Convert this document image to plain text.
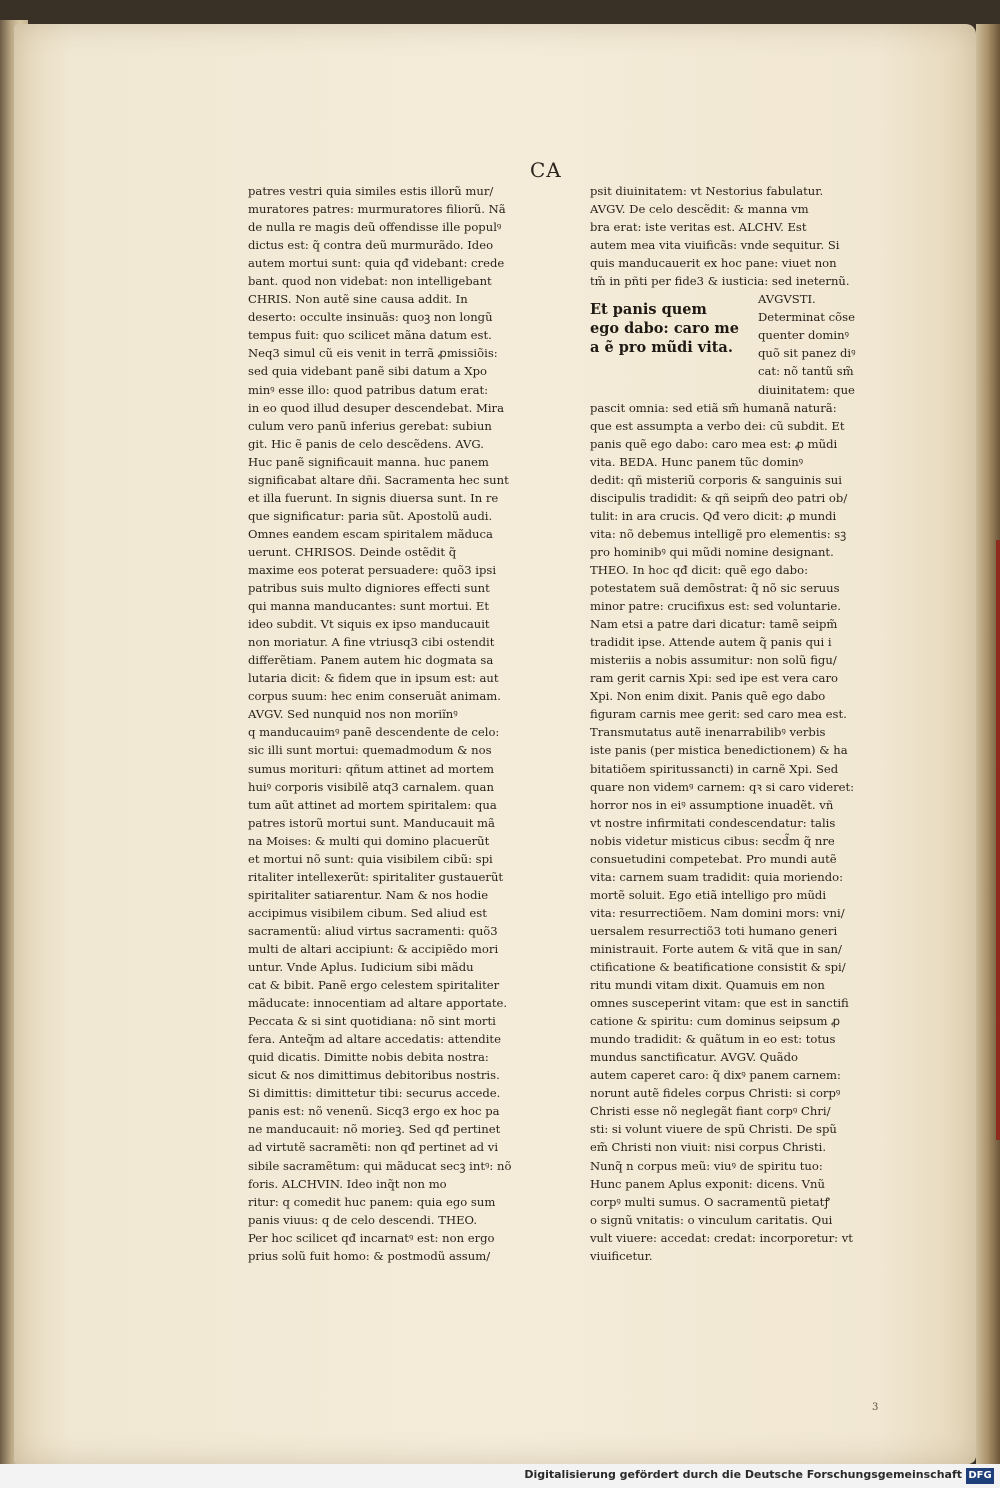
CA
patres vestri quia similes estis illorũ mur/
muratores patres: murmuratores filiorũ. Nã
de nulla re magis deũ offendisse ille populꝰ
dictus est: q̃ contra deũ murmurãdo. Ideo
autem mortui sunt: quia qđ videbant: crede
bant. quod non videbat: non intelligebant
CHRIS. Non autẽ sine causa addit. In
deserto: occulte insinuãs: quoꝫ non longũ
tempus fuit: quo scilicet mãna datum est.
Neq3 simul cũ eis venit in terrã ꝓmissiõis:
sed quia videbant panẽ sibi datum a Xpo
minꝰ esse illo: quod patribus datum erat:
in eo quod illud desuper descendebat. Mira
culum vero panũ inferius gerebat: subiun
git. Hic ẽ panis de celo descẽdens. AVG.
Huc panẽ significauit manna. huc panem
significabat altare dñi. Sacramenta hec sunt
et illa fuerunt. In signis diuersa sunt. In re
que significatur: paria sũt. Apostolũ audi.
Omnes eandem escam spiritalem mãduca
uerunt. CHRISOS. Deinde ostẽdit q̃
maxime eos poterat persuadere: quõ3 ipsi
patribus suis multo digniores effecti sunt
qui manna manducantes: sunt mortui. Et
ideo subdit. Vt siquis ex ipso manducauit
non moriatur. A fine vtriusq3 cibi ostendit
differẽtiam. Panem autem hic dogmata sa
lutaria dicit: & fidem que in ipsum est: aut
corpus suum: hec enim conseruãt animam.
AVGV. Sed nunquid nos non moriĩnꝰ
q manducauimꝰ panẽ descendente de celo:
sic illi sunt mortui: quemadmodum & nos
sumus morituri: qñtum attinet ad mortem
huiꝰ corporis visibilẽ atq3 carnalem. quan
tum aũt attinet ad mortem spiritalem: qua
patres istorũ mortui sunt. Manducauit mã
na Moises: & multi qui domino placuerũt
et mortui nõ sunt: quia visibilem cibũ: spi
ritaliter intellexerũt: spiritaliter gustauerũt
spiritaliter satiarentur. Nam & nos hodie
accipimus visibilem cibum. Sed aliud est
sacramentũ: aliud virtus sacramenti: quõ3
multi de altari accipiunt: & accipiẽdo mori
untur. Vnde Aplus. Iudicium sibi mãdu
cat & bibit. Panẽ ergo celestem spiritaliter
mãducate: innocentiam ad altare apportate.
Peccata & si sint quotidiana: nõ sint morti
fera. Anteq̃m ad altare accedatis: attendite
quid dicatis. Dimitte nobis debita nostra:
sicut & nos dimittimus debitoribus nostris.
Si dimittis: dimittetur tibi: securus accede.
panis est: nõ venenũ. Sicq3 ergo ex hoc pa
ne manducauit: nõ morieꝫ. Sed qđ pertinet
ad virtutẽ sacramẽti: non qđ pertinet ad vi
sibile sacramẽtum: qui mãducat secꝫ intꝰ: nõ
foris. ALCHVIN. Ideo inq̃t non mo
ritur: q comedit huc panem: quia ego sum
panis viuus: q de celo descendi. THEO.
Per hoc scilicet qđ incarnatꝰ est: non ergo
prius solũ fuit homo: & postmodũ assum/
psit diuinitatem: vt Nestorius fabulatur.
AVGV. De celo descẽdit: & manna vm
bra erat: iste veritas est. ALCHV. Est
autem mea vita viuificãs: vnde sequitur. Si
quis manducauerit ex hoc pane: viuet non
tm̃ in pñti per fide3 & iusticia: sed ineternũ.
AVGVSTI.
Determinat cõse
quenter dominꝰ
quõ sit panez diꝰ
cat: nõ tantũ sm̃
diuinitatem: que
pascit omnia: sed etiã sm̃ humanã naturã:
que est assumpta a verbo dei: cũ subdit. Et
panis quẽ ego dabo: caro mea est: ꝓ mũdi
vita. BEDA. Hunc panem tũc dominꝰ
dedit: qñ misteriũ corporis & sanguinis sui
discipulis tradidit: & qñ seipm̃ deo patri ob/
tulit: in ara crucis. Qđ vero dicit: ꝓ mundi
vita: nõ debemus intelligẽ pro elementis: sꝫ
pro hominibꝰ qui mũdi nomine designant.
THEO. In hoc qđ dicit: quẽ ego dabo:
potestatem suã demõstrat: q̃ nõ sic seruus
minor patre: crucifixus est: sed voluntarie.
Nam etsi a patre dari dicatur: tamẽ seipm̃
tradidit ipse. Attende autem q̃ panis qui i
misteriis a nobis assumitur: non solũ figu/
ram gerit carnis Xpi: sed ipe est vera caro
Xpi. Non enim dixit. Panis quẽ ego dabo
figuram carnis mee gerit: sed caro mea est.
Transmutatus autẽ inenarrabilibꝰ verbis
iste panis (per mistica benedictionem) & ha
bitatiõem spiritussancti) in carnẽ Xpi. Sed
quare non videmꝰ carnem: qꝛ si caro videret:
horror nos in eiꝰ assumptione inuadẽt. vñ
vt nostre infirmitati condescendatur: talis
nobis videtur misticus cibus: secd̃m q̃ nre
consuetudini competebat. Pro mundi autẽ
vita: carnem suam tradidit: quia moriendo:
mortẽ soluit. Ego etiã intelligo pro mũdi
vita: resurrectiõem. Nam domini mors: vni/
uersalem resurrectiõ3 toti humano generi
ministrauit. Forte autem & vitã que in san/
ctificatione & beatificatione consistit & spi/
ritu mundi vitam dixit. Quamuis em non
omnes susceperint vitam: que est in sanctifi
catione & spiritu: cum dominus seipsum ꝓ
mundo tradidit: & quãtum in eo est: totus
mundus sanctificatur. AVGV. Quãdo
autem caperet caro: q̃ dixꝰ panem carnem:
norunt autẽ fideles corpus Christi: si corpꝰ
Christi esse nõ neglegãt fiant corpꝰ Chri/
sti: si volunt viuere de spũ Christi. De spũ
em̃ Christi non viuit: nisi corpus Christi.
Nunq̃ n corpus meũ: viuꝰ de spiritu tuo:
Hunc panem Aplus exponit: dicens. Vnũ
corpꝰ multi sumus. O sacramentũ pietatꝭ
o signũ vnitatis: o vinculum caritatis. Qui
vult viuere: accedat: credat: incorporetur: vt
viuificetur.
Et panis quem
ego dabo: caro me
a ẽ pro mũdi vita.
3
Digitalisierung gefördert durch die Deutsche Forschungsgemeinschaft DFG
